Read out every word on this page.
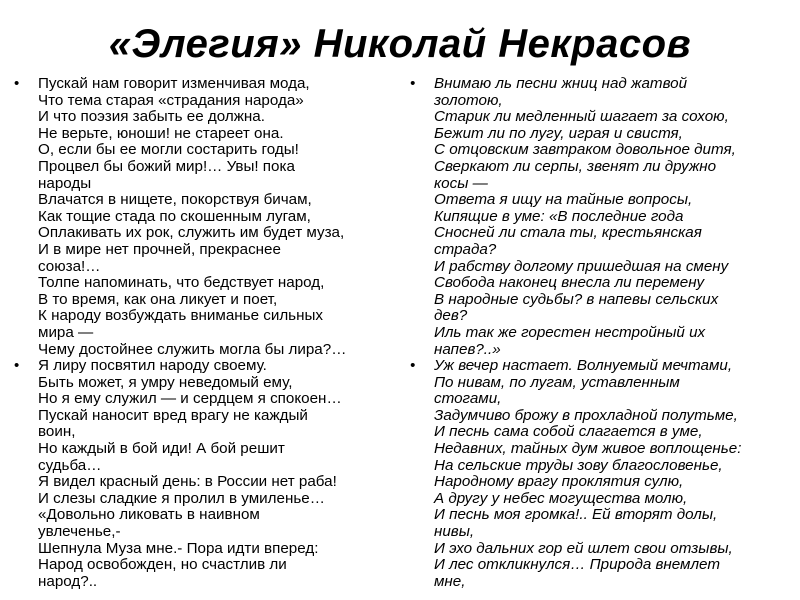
«Элегия» Николай Некрасов
•	Пускай нам говорит изменчивая мода,
Что тема старая «страдания народа»
И что поэзия забыть ее должна.
Не верьте, юноши! не стареет она.
О, если бы ее могли состарить годы!
Процвел бы божий мир!… Увы! пока
народы
Влачатся в нищете, покорствуя бичам,
Как тощие стада по скошенным лугам,
Оплакивать их рок, служить им будет муза,
И в мире нет прочней, прекраснее
союза!…
Толпе напоминать, что бедствует народ,
В то время, как она ликует и поет,
К народу возбуждать вниманье сильных
мира —
Чему достойнее служить могла бы лира?…
•	Я лиру посвятил народу своему.
Быть может, я умру неведомый ему,
Но я ему служил — и сердцем я спокоен…
Пускай наносит вред врагу не каждый
воин,
Но каждый в бой иди! А бой решит
судьба…
Я видел красный день: в России нет раба!
И слезы сладкие я пролил в умиленье…
«Довольно ликовать в наивном
увлеченье,-
Шепнула Муза мне.- Пора идти вперед:
Народ освобожден, но счастлив ли
народ?..
•	Внимаю ль песни жниц над жатвой
золотою,
Старик ли медленный шагает за сохою,
Бежит ли по лугу, играя и свистя,
С отцовским завтраком довольное дитя,
Сверкают ли серпы, звенят ли дружно
косы —
Ответа я ищу на тайные вопросы,
Кипящие в уме: «В последние года
Сносней ли стала ты, крестьянская
страда?
И рабству долгому пришедшая на смену
Свобода наконец внесла ли перемену
В народные судьбы? в напевы сельских
дев?
Иль так же горестен нестройный их
напев?..»
•	Уж вечер настает. Волнуемый мечтами,
По нивам, по лугам, уставленным
стогами,
Задумчиво брожу в прохладной полутьме,
И песнь сама собой слагается в уме,
Недавних, тайных дум живое воплощенье:
На сельские труды зову благословенье,
Народному врагу проклятия сулю,
А другу у небес могущества молю,
И песнь моя громка!.. Ей вторят долы,
нивы,
И эхо дальних гор ей шлет свои отзывы,
И лес откликнулся… Природа внемлет
мне,
